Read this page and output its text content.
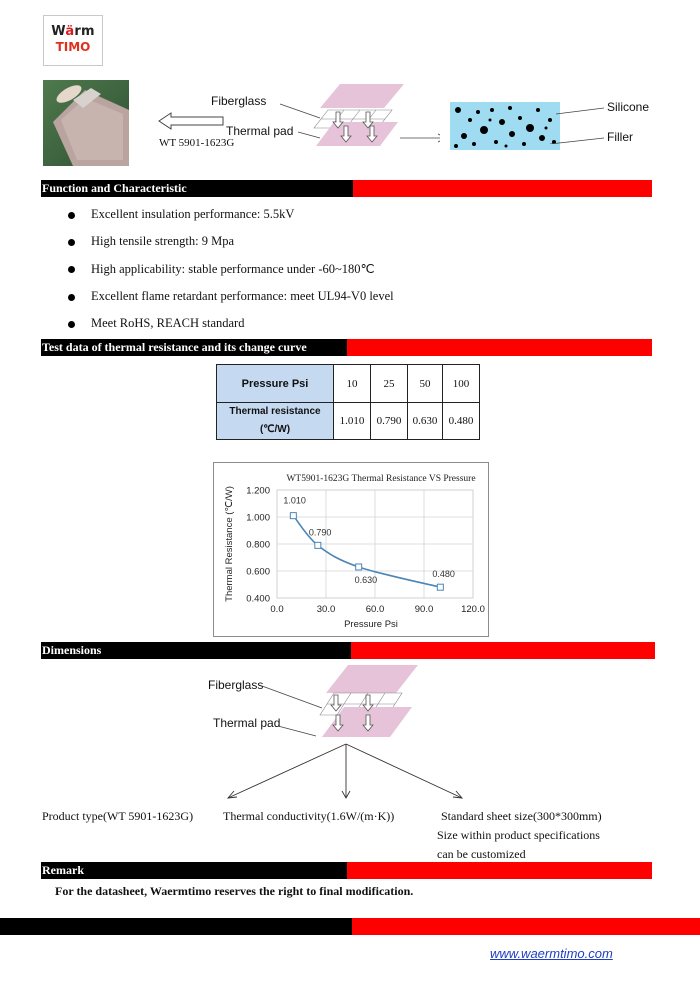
Wärm
TIMO
WT 5901-1623G
Fiberglass
Thermal pad
Silicone
Filler
Function and Characteristic
Excellent insulation performance: 5.5kV
High tensile strength: 9 Mpa
High applicability: stable performance under -60~180℃
Excellent flame retardant performance: meet UL94-V0 level
Meet RoHS, REACH standard
Test data of thermal resistance and its change curve
Pressure Psi	10	25	50	100

Thermal resistance
(℃/W)	1.010	0.790	0.630	0.480
0.400
0.600
0.800
1.000
1.200
0.0	30.0	60.0	90.0	120.0
WT5901-1623G Thermal Resistance VS Pressure
Pressure Psi
Thermal Resistance (℃/W)	1.010
0.790
0.630
0.480
Dimensions
Fiberglass
Thermal pad
Product type(WT 5901-1623G) Thermal conductivity(1.6W/(m·K))	Standard sheet size(300*300mm)
Size within product specifications
can be customized
Remark
For the datasheet, Waermtimo reserves the right to final modification.
www.waermtimo.com
